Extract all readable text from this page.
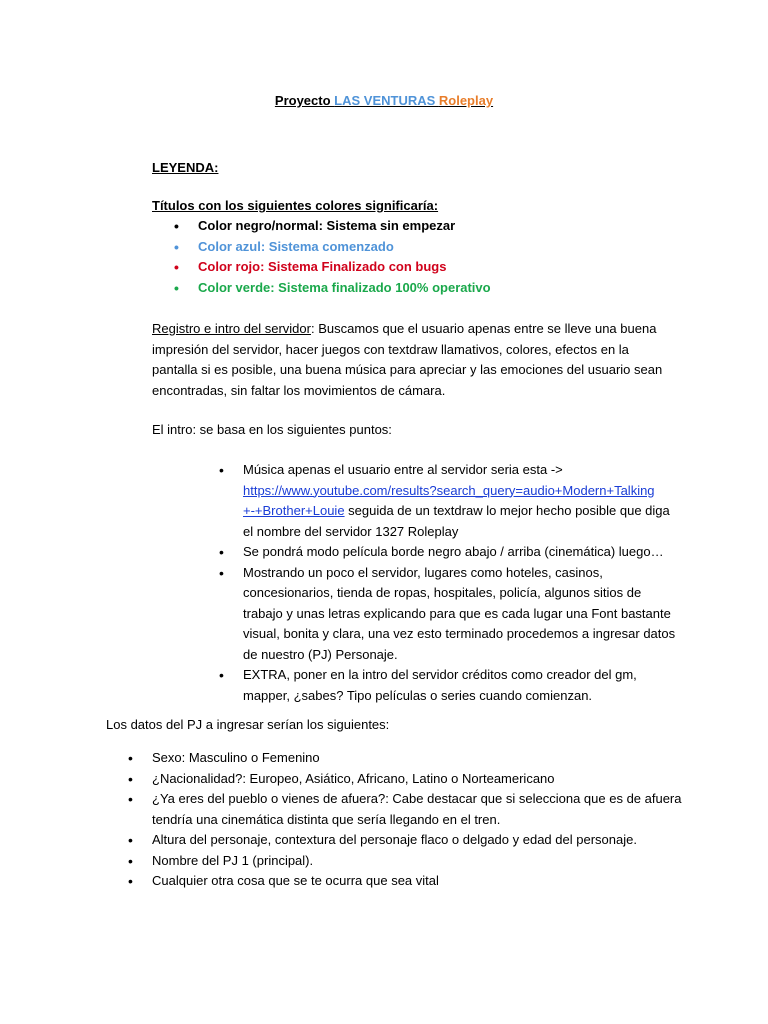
Proyecto LAS VENTURAS Roleplay
LEYENDA:
Títulos con los siguientes colores significaría:
• Color negro/normal: Sistema sin empezar
• Color azul: Sistema comenzado
• Color rojo: Sistema Finalizado con bugs
• Color verde: Sistema finalizado 100% operativo
Registro e intro del servidor: Buscamos que el usuario apenas entre se lleve una buena
impresión del servidor, hacer juegos con textdraw llamativos, colores, efectos en la
pantalla si es posible, una buena música para apreciar y las emociones del usuario sean
encontradas, sin faltar los movimientos de cámara.
El intro: se basa en los siguientes puntos:
• Música apenas el usuario entre al servidor seria esta ->
https://www.youtube.com/results?search_query=audio+Modern+Talking
+-+Brother+Louie seguida de un textdraw lo mejor hecho posible que diga
el nombre del servidor 1327 Roleplay
• Se pondrá modo película borde negro abajo / arriba (cinemática) luego…
• Mostrando un poco el servidor, lugares como hoteles, casinos,
concesionarios, tienda de ropas, hospitales, policía, algunos sitios de
trabajo y unas letras explicando para que es cada lugar una Font bastante
visual, bonita y clara, una vez esto terminado procedemos a ingresar datos
de nuestro (PJ) Personaje.
• EXTRA, poner en la intro del servidor créditos como creador del gm,
mapper, ¿sabes? Tipo películas o series cuando comienzan.
Los datos del PJ a ingresar serían los siguientes:
• Sexo: Masculino o Femenino
• ¿Nacionalidad?: Europeo, Asiático, Africano, Latino o Norteamericano
• ¿Ya eres del pueblo o vienes de afuera?: Cabe destacar que si selecciona que es de afuera
tendría una cinemática distinta que sería llegando en el tren.
• Altura del personaje, contextura del personaje flaco o delgado y edad del personaje.
• Nombre del PJ 1 (principal).
• Cualquier otra cosa que se te ocurra que sea vital
